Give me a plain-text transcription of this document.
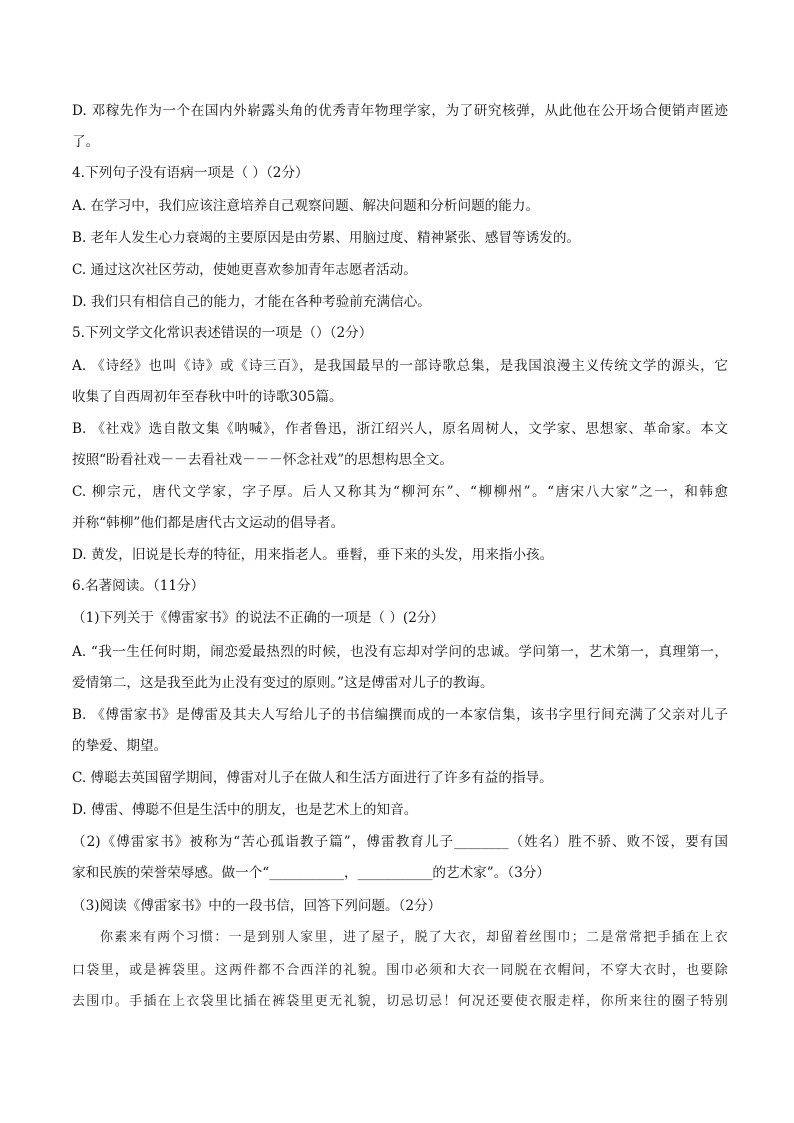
D. 邓稼先作为一个在国内外崭露头角的优秀青年物理学家，为了研究核弹，从此他在公开场合便销声匿迹
了。
4.下列句子没有语病一项是（ ）（2分）
A. 在学习中，我们应该注意培养自己观察问题、解决问题和分析问题的能力。
B. 老年人发生心力衰竭的主要原因是由劳累、用脑过度、精神紧张、感冒等诱发的。
C. 通过这次社区劳动，使她更喜欢参加青年志愿者活动。
D. 我们只有相信自己的能力，才能在各种考验前充满信心。
5.下列文学文化常识表述错误的一项是（）（2分）
A. 《诗经》也叫《诗》或《诗三百》，是我国最早的一部诗歌总集，是我国浪漫主义传统文学的源头，它
收集了自西周初年至春秋中叶的诗歌305篇。
B. 《社戏》选自散文集《呐喊》，作者鲁迅，浙江绍兴人，原名周树人，文学家、思想家、革命家。本文
按照“盼看社戏－－去看社戏－－－怀念社戏”的思想构思全文。
C. 柳宗元，唐代文学家，字子厚。后人又称其为“柳河东”、“柳柳州”。“唐宋八大家”之一，和韩愈
并称“韩柳”他们都是唐代古文运动的倡导者。
D. 黄发，旧说是长寿的特征，用来指老人。垂髫，垂下来的头发，用来指小孩。
6.名著阅读。（11分）
（1)下列关于《傅雷家书》的说法不正确的一项是（ ）(2分）
A. “我一生任何时期，闹恋爱最热烈的时候，也没有忘却对学问的忠诚。学问第一，艺术第一，真理第一，
爱情第二，这是我至此为止没有变过的原则。”这是傅雷对儿子的教诲。
B. 《傅雷家书》是傅雷及其夫人写给儿子的书信编撰而成的一本家信集，该书字里行间充满了父亲对儿子
的挚爱、期望。
C. 傅聪去英国留学期间，傅雷对儿子在做人和生活方面进行了许多有益的指导。
D. 傅雷、傅聪不但是生活中的朋友，也是艺术上的知音。
（2)《傅雷家书》被称为“苦心孤诣教子篇”，傅雷教育儿子________（姓名）胜不骄、败不馁，要有国
家和民族的荣誉荣辱感。做一个“___________，___________的艺术家”。（3分）
（3)阅读《傅雷家书》中的一段书信，回答下列问题。（2分）
你素来有两个习惯：一是到别人家里，进了屋子，脱了大衣，却留着丝围巾；二是常常把手插在上衣
口袋里，或是裤袋里。这两件都不合西洋的礼貌。围巾必须和大衣一同脱在衣帽间，不穿大衣时，也要除
去围巾。手插在上衣袋里比插在裤袋里更无礼貌，切忌切忌！何况还要使衣服走样，你所来往的圈子特别
